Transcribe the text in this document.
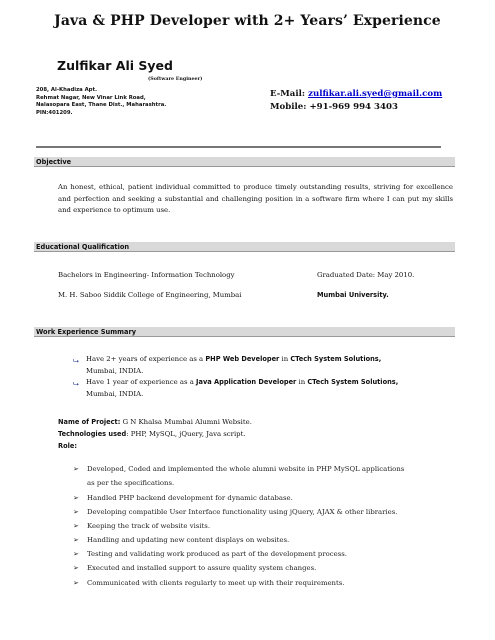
Java & PHP Developer with 2+ Years’ Experience
Zulfikar Ali Syed
(Software Engineer)
208, Al-Khadiza Apt.
Rehmat Nagar, New Vinar Link Road,
Nalasopara East, Thane Dist., Maharashtra.
PIN:401209.
E-Mail: zulfikar.ali.syed@gmail.com
Mobile: +91-969 994 3403
Objective
An honest, ethical, patient individual committed to produce timely outstanding results, striving for excellence and perfection and seeking a substantial and challenging position in a software firm where I can put my skills and experience to optimum use.
Educational Qualification
Bachelors in Engineering- Information Technology	Graduated Date: May 2010.
M. H. Saboo Siddik College of Engineering, Mumbai	Mumbai University.
Work Experience Summary
⮡ Have 2+ years of experience as a PHP Web Developer in CTech System Solutions,
Mumbai, INDIA.
⮡ Have 1 year of experience as a Java Application Developer in CTech System Solutions,
Mumbai, INDIA.
Name of Project: G N Khalsa Mumbai Alumni Website.
Technologies used: PHP, MySQL, jQuery, Java script.
Role:
➢ Developed, Coded and implemented the whole alumni website in PHP MySQL applications
as per the specifications.
➢ Handled PHP backend development for dynamic database.
➢ Developing compatible User Interface functionality using jQuery, AJAX & other libraries.
➢ Keeping the track of website visits.
➢ Handling and updating new content displays on websites.
➢ Testing and validating work produced as part of the development process.
➢ Executed and installed support to assure quality system changes.
➢ Communicated with clients regularly to meet up with their requirements.
